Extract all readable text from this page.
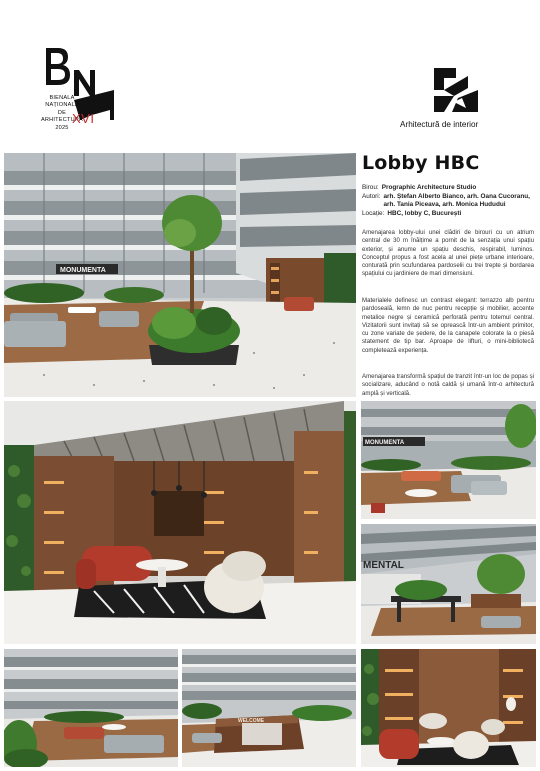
BIENALA
NAȚIONALĂ
DE
ARHITECTURĂ
2025
XVI	Arhitectură de interior
MONUMENTA
MONUMENTA
MENTAL
WELCOME
Lobby HBC
Birou: Prographic Architecture Studio
Autori: arh. Ștefan Alberto Bianco, arh. Oana Cucoranu, arh. Tania Piceava, arh. Monica Hududui
Locație: HBC, lobby C, București

Amenajarea lobby-ului unei clădiri de birouri cu un atrium central de 30 m înălțime a pornit de la senzația unui spațiu exterior, și anume un spațiu deschis, respirabil, luminos. Conceptul propus a fost acela al unei piețe urbane interioare, conturată prin scufundarea pardoselii cu trei trepte și bordarea spațiului cu jardiniere de mari dimensiuni.

Materialele definesc un contrast elegant: terrazzo alb pentru pardoseală, lemn de nuc pentru recepție și mobilier, accente metalice negre și ceramică perforată pentru totemul central. Vizitatorii sunt invitați să se oprească într-un ambient primitor, cu zone variate de ședere, de la canapele colorate la o piesă statement de tip bar. Aproape de lifturi, o mini-bibliotecă completează experiența.

Amenajarea transformă spațiul de tranzit într-un loc de popas și socializare, aducând o notă caldă și umană într-o arhitectură amplă și verticală.
